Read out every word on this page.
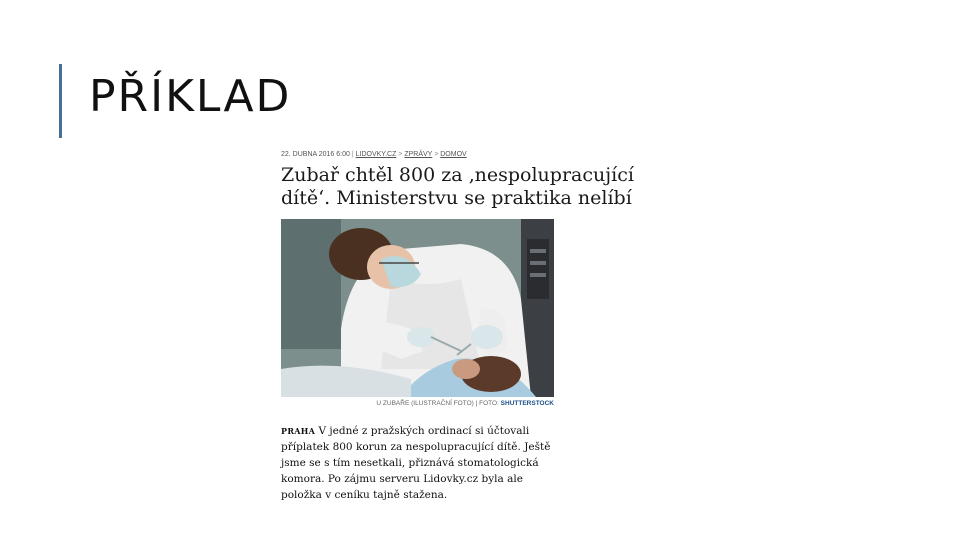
PŘÍKLAD
22. DUBNA 2016 6:00 | LIDOVKY.CZ > ZPRÁVY > DOMOV
Zubař chtěl 800 za ‚nespolupracující dítě‘. Ministerstvu se praktika nelíbí
U ZUBAŘE (ILUSTRAČNÍ FOTO) | FOTO: SHUTTERSTOCK
PRAHA V jedné z pražských ordinací si účtovali příplatek 800 korun za nespolupracující dítě. Ještě jsme se s tím nesetkali, přiznává stomatologická komora. Po zájmu serveru Lidovky.cz byla ale položka v ceníku tajně stažena.
